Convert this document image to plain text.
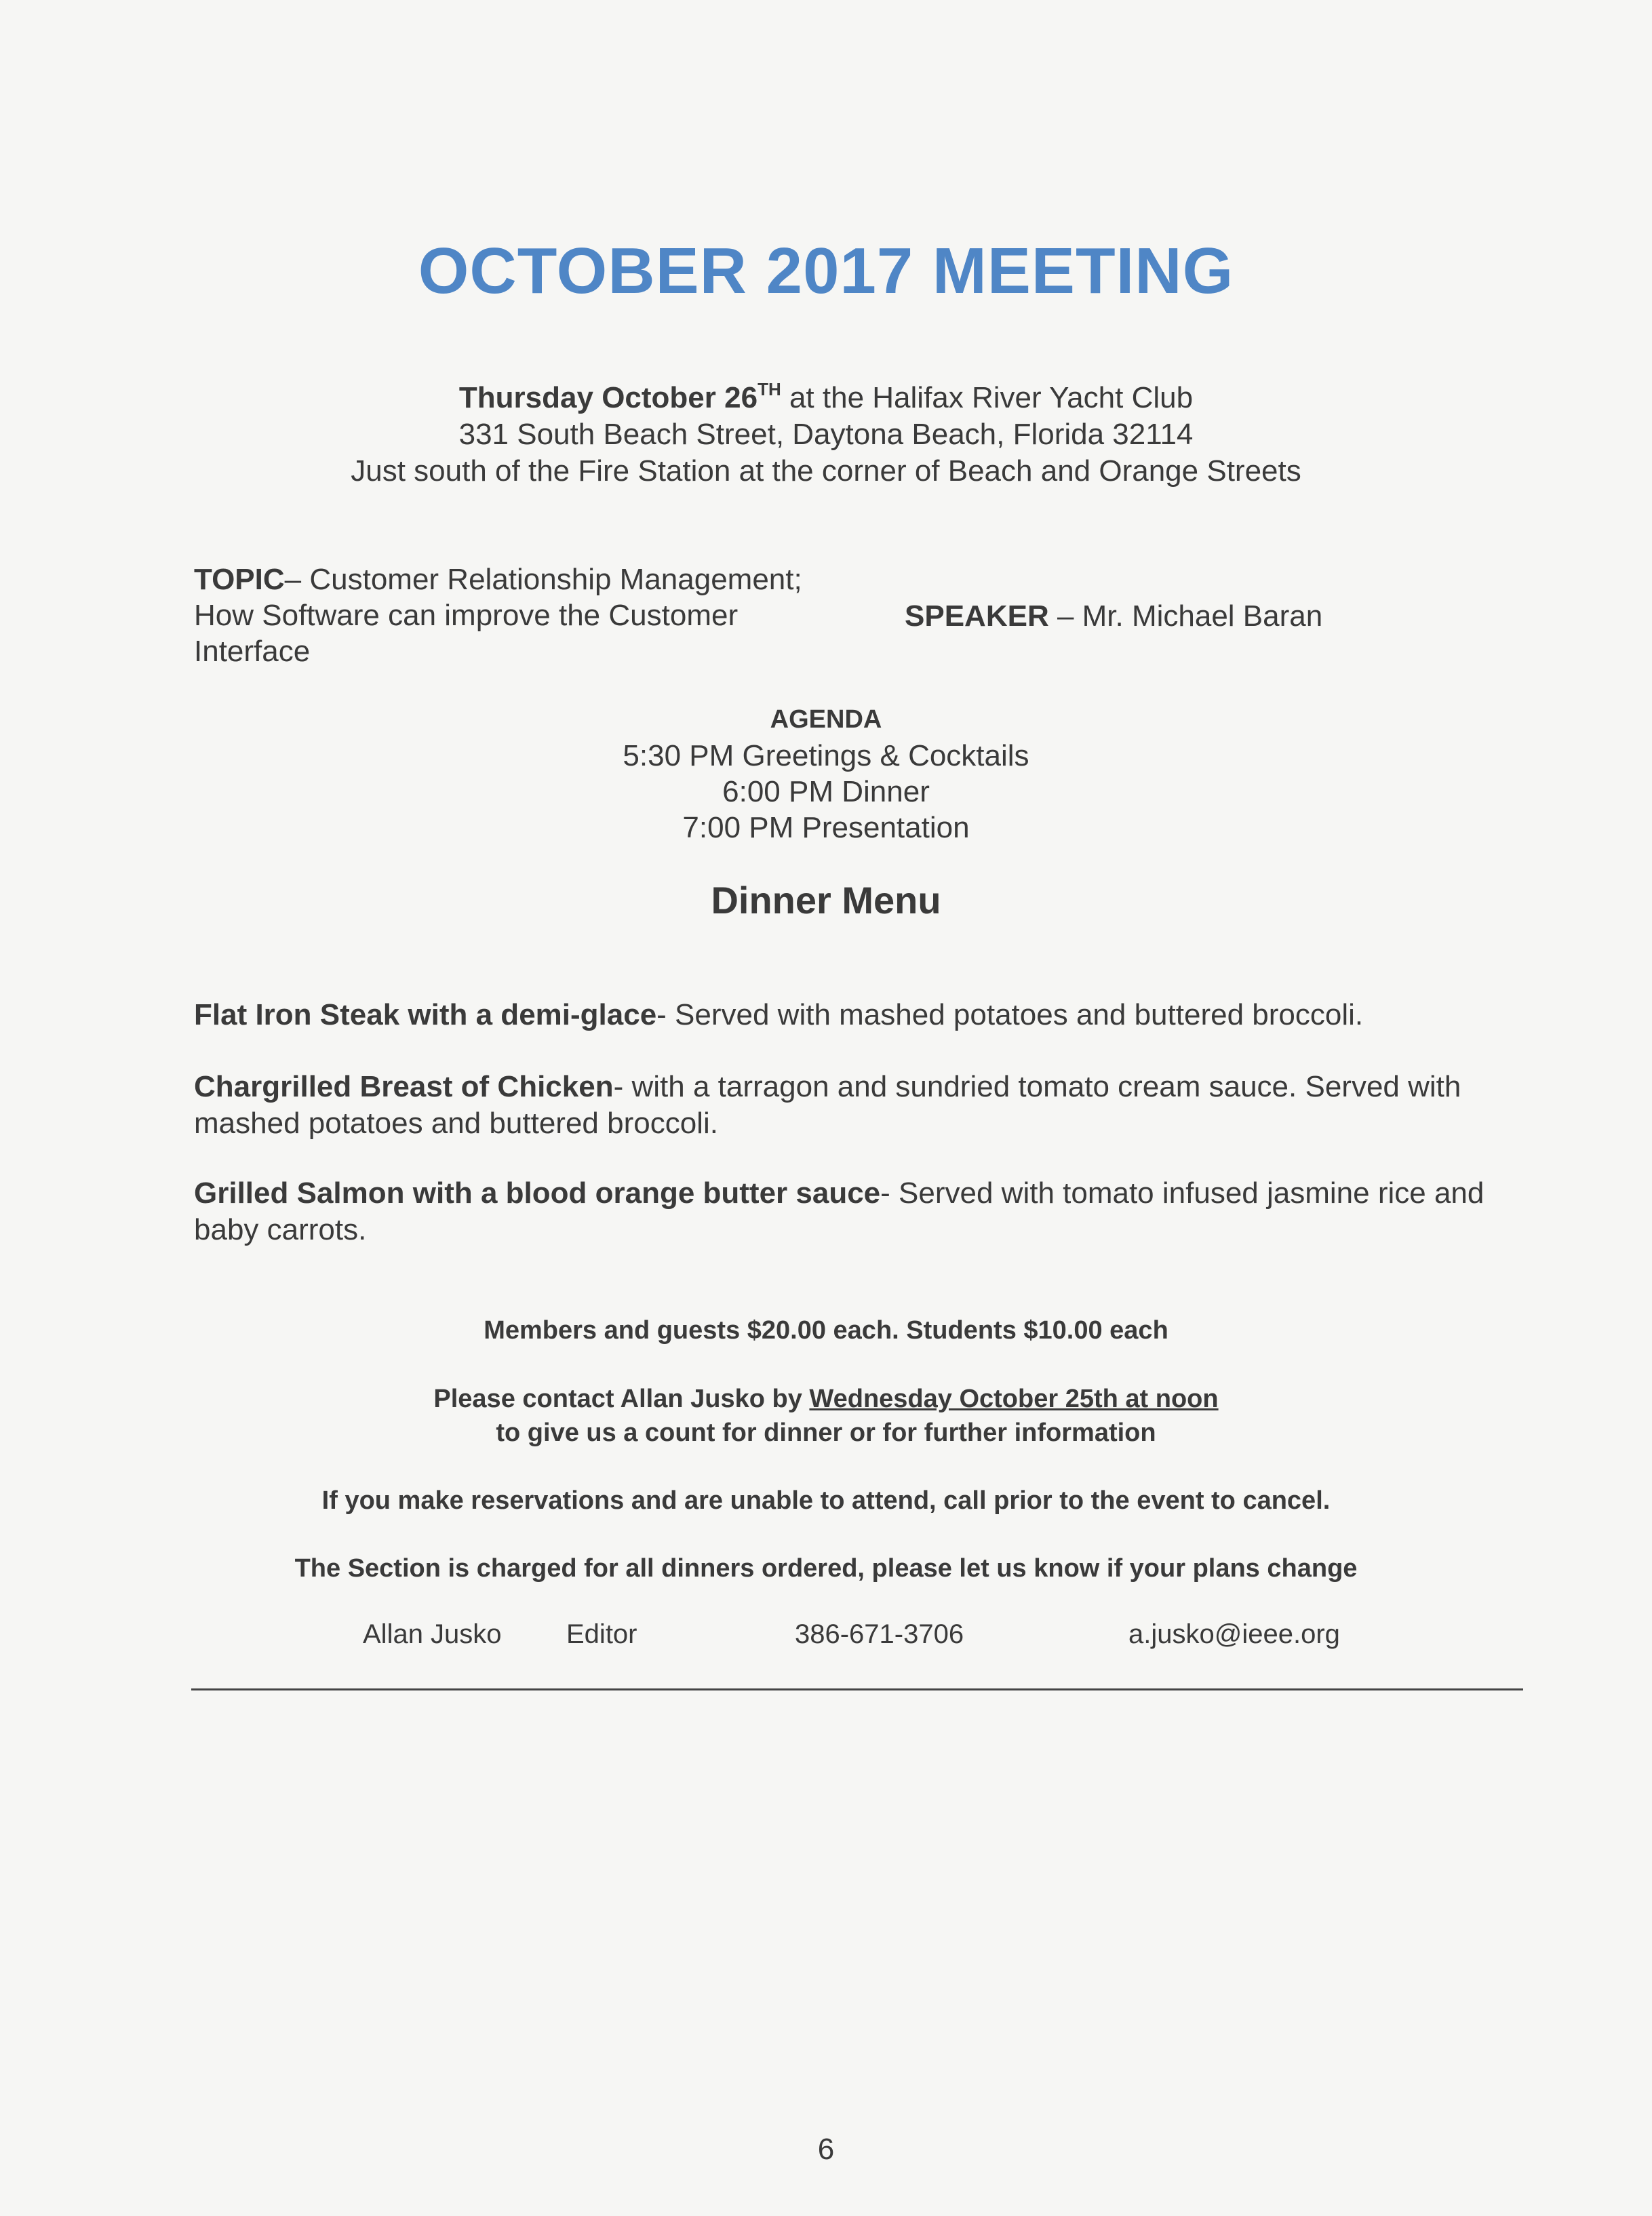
OCTOBER 2017 MEETING
Thursday October 26TH at the Halifax River Yacht Club
331 South Beach Street, Daytona Beach, Florida 32114
Just south of the Fire Station at the corner of Beach and Orange Streets
TOPIC– Customer Relationship Management; How Software can improve the Customer Interface
SPEAKER – Mr. Michael Baran
AGENDA
5:30 PM Greetings & Cocktails
6:00 PM Dinner
7:00 PM Presentation
Dinner Menu
Flat Iron Steak with a demi-glace- Served with mashed potatoes and buttered broccoli.
Chargrilled Breast of Chicken- with a tarragon and sundried tomato cream sauce. Served with mashed potatoes and buttered broccoli.
Grilled Salmon with a blood orange butter sauce- Served with tomato infused jasmine rice and baby carrots.
Members and guests $20.00 each. Students $10.00 each
Please contact Allan Jusko by Wednesday October 25th at noon
to give us a count for dinner or for further information
If you make reservations and are unable to attend, call prior to the event to cancel.
The Section is charged for all dinners ordered, please let us know if your plans change
Allan Jusko Editor	386-671-3706	a.jusko@ieee.org
6
